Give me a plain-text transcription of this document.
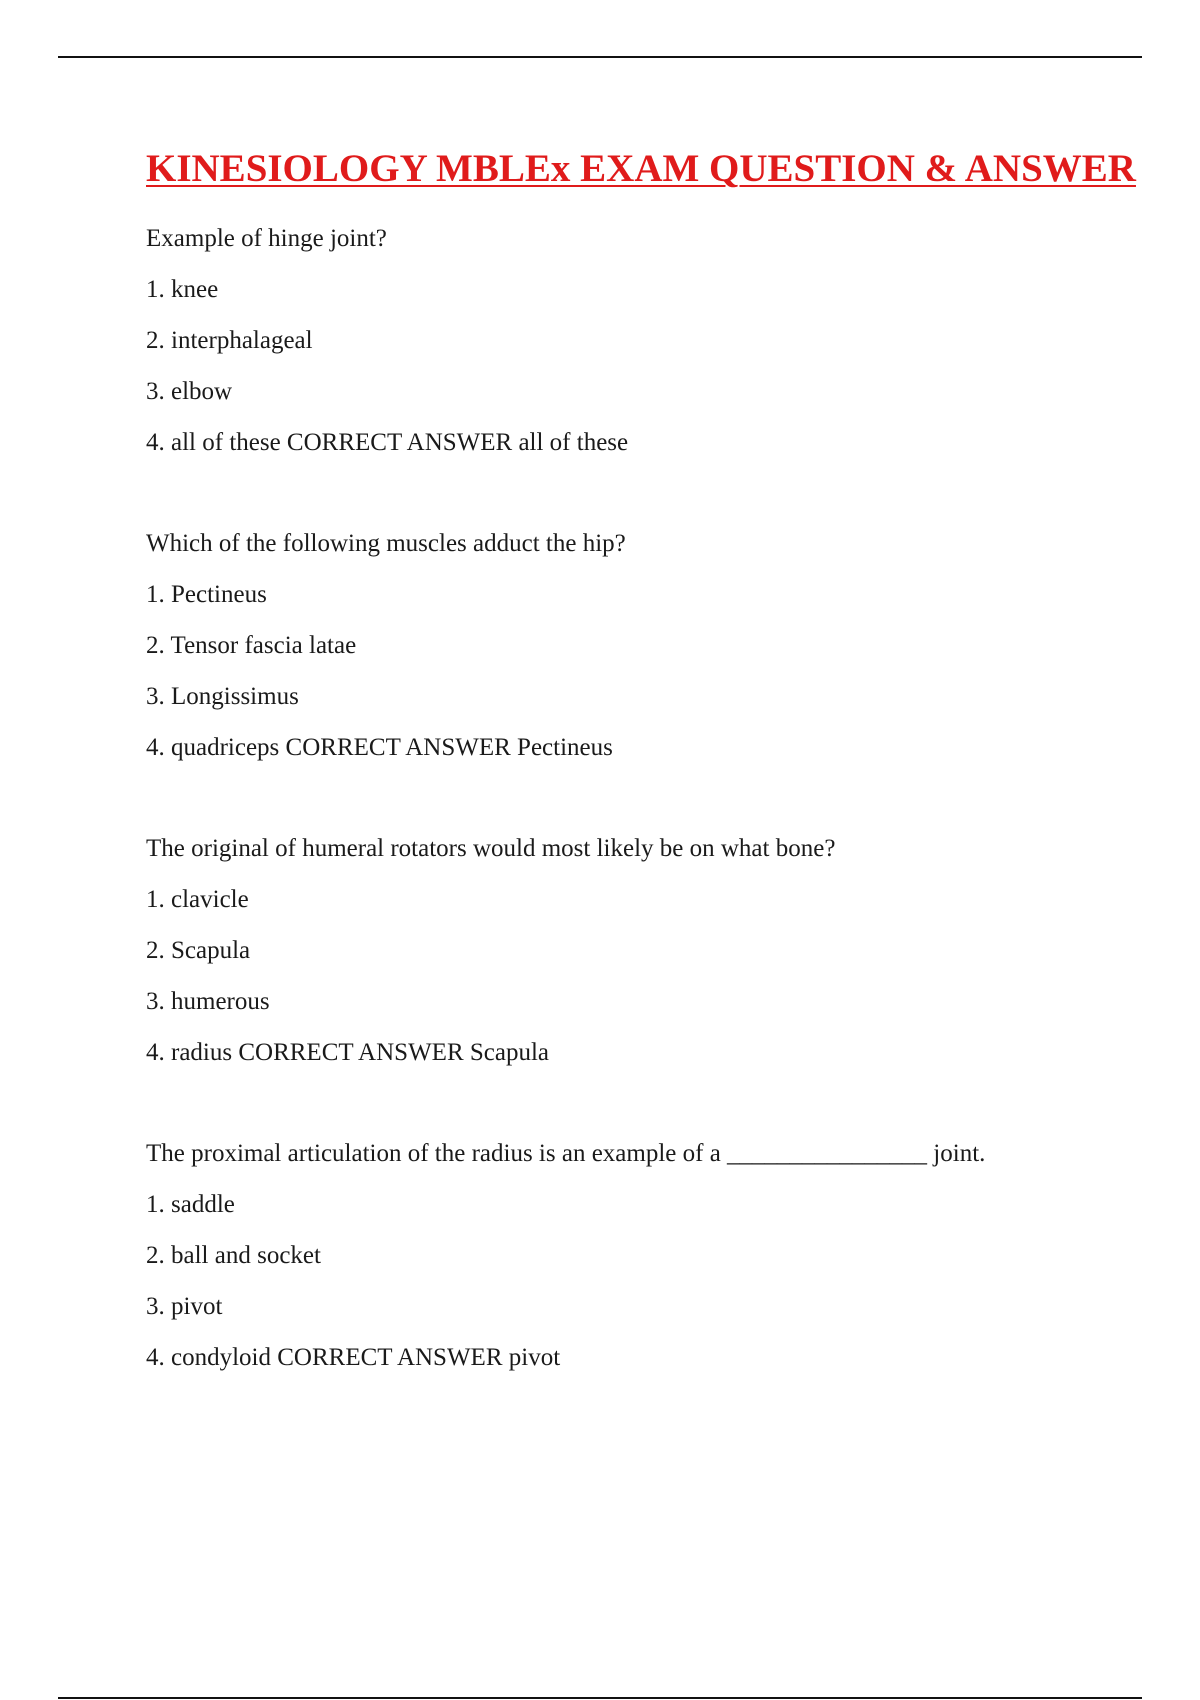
KINESIOLOGY MBLEx EXAM QUESTION & ANSWER
Example of hinge joint?
1. knee
2. interphalageal
3. elbow
4. all of these CORRECT ANSWER all of these
Which of the following muscles adduct the hip?
1. Pectineus
2. Tensor fascia latae
3. Longissimus
4. quadriceps CORRECT ANSWER Pectineus
The original of humeral rotators would most likely be on what bone?
1. clavicle
2. Scapula
3. humerous
4. radius CORRECT ANSWER Scapula
The proximal articulation of the radius is an example of a ________________ joint.
1. saddle
2. ball and socket
3. pivot
4. condyloid CORRECT ANSWER pivot
